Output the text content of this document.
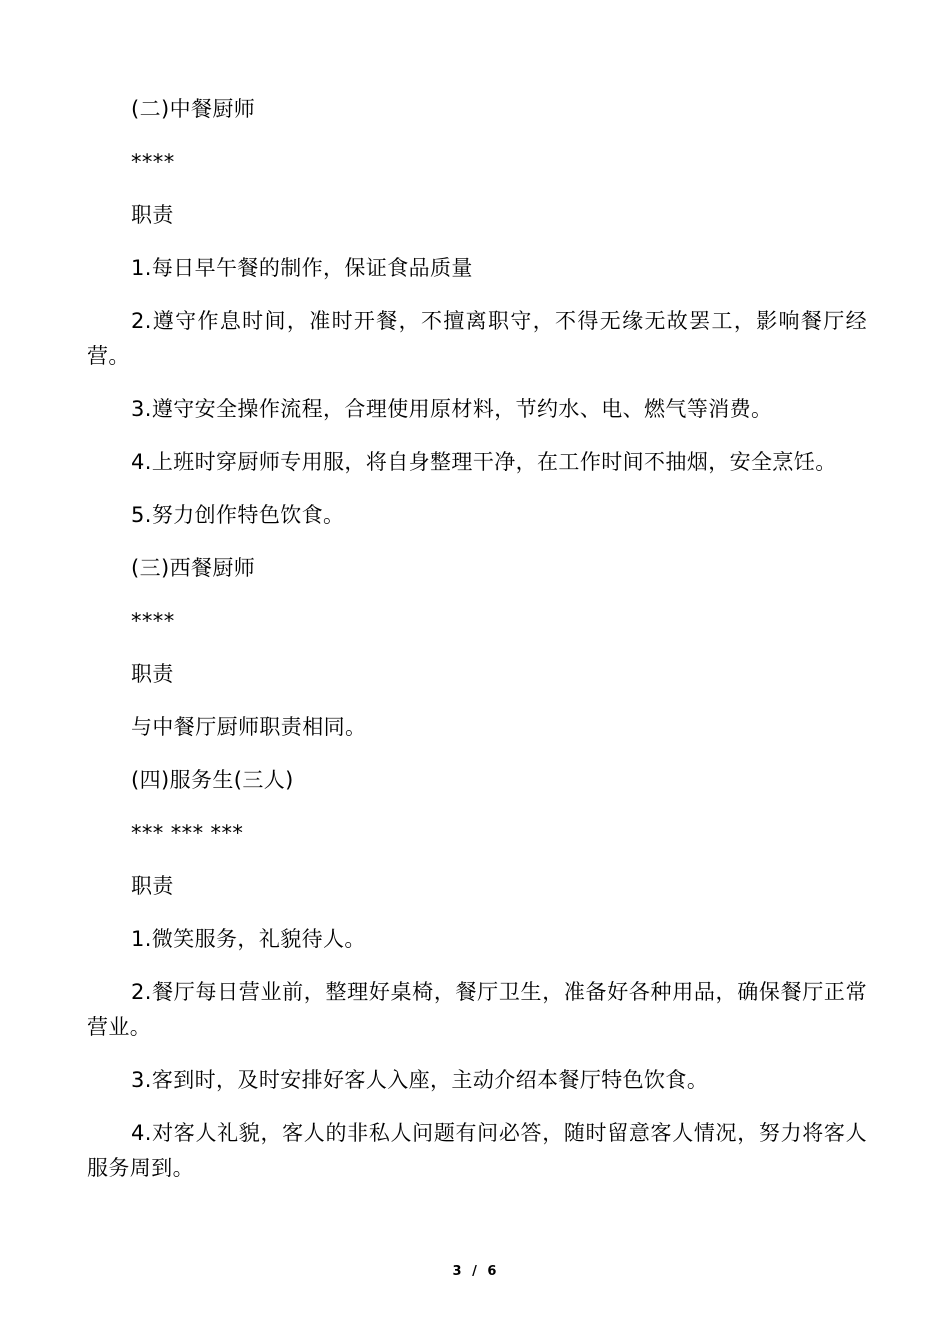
(二)中餐厨师

****

职责

1.每日早午餐的制作，保证食品质量

2.遵守作息时间，准时开餐，不擅离职守，不得无缘无故罢工，影响餐厅经营。

3.遵守安全操作流程，合理使用原材料，节约水、电、燃气等消费。

4.上班时穿厨师专用服，将自身整理干净，在工作时间不抽烟，安全烹饪。

5.努力创作特色饮食。

(三)西餐厨师

****

职责

与中餐厅厨师职责相同。

(四)服务生(三人)

*** *** ***

职责

1.微笑服务，礼貌待人。

2.餐厅每日营业前，整理好桌椅，餐厅卫生，准备好各种用品，确保餐厅正常营业。

3.客到时，及时安排好客人入座，主动介绍本餐厅特色饮食。

4.对客人礼貌，客人的非私人问题有问必答，随时留意客人情况，努力将客人服务周到。

3 / 6
